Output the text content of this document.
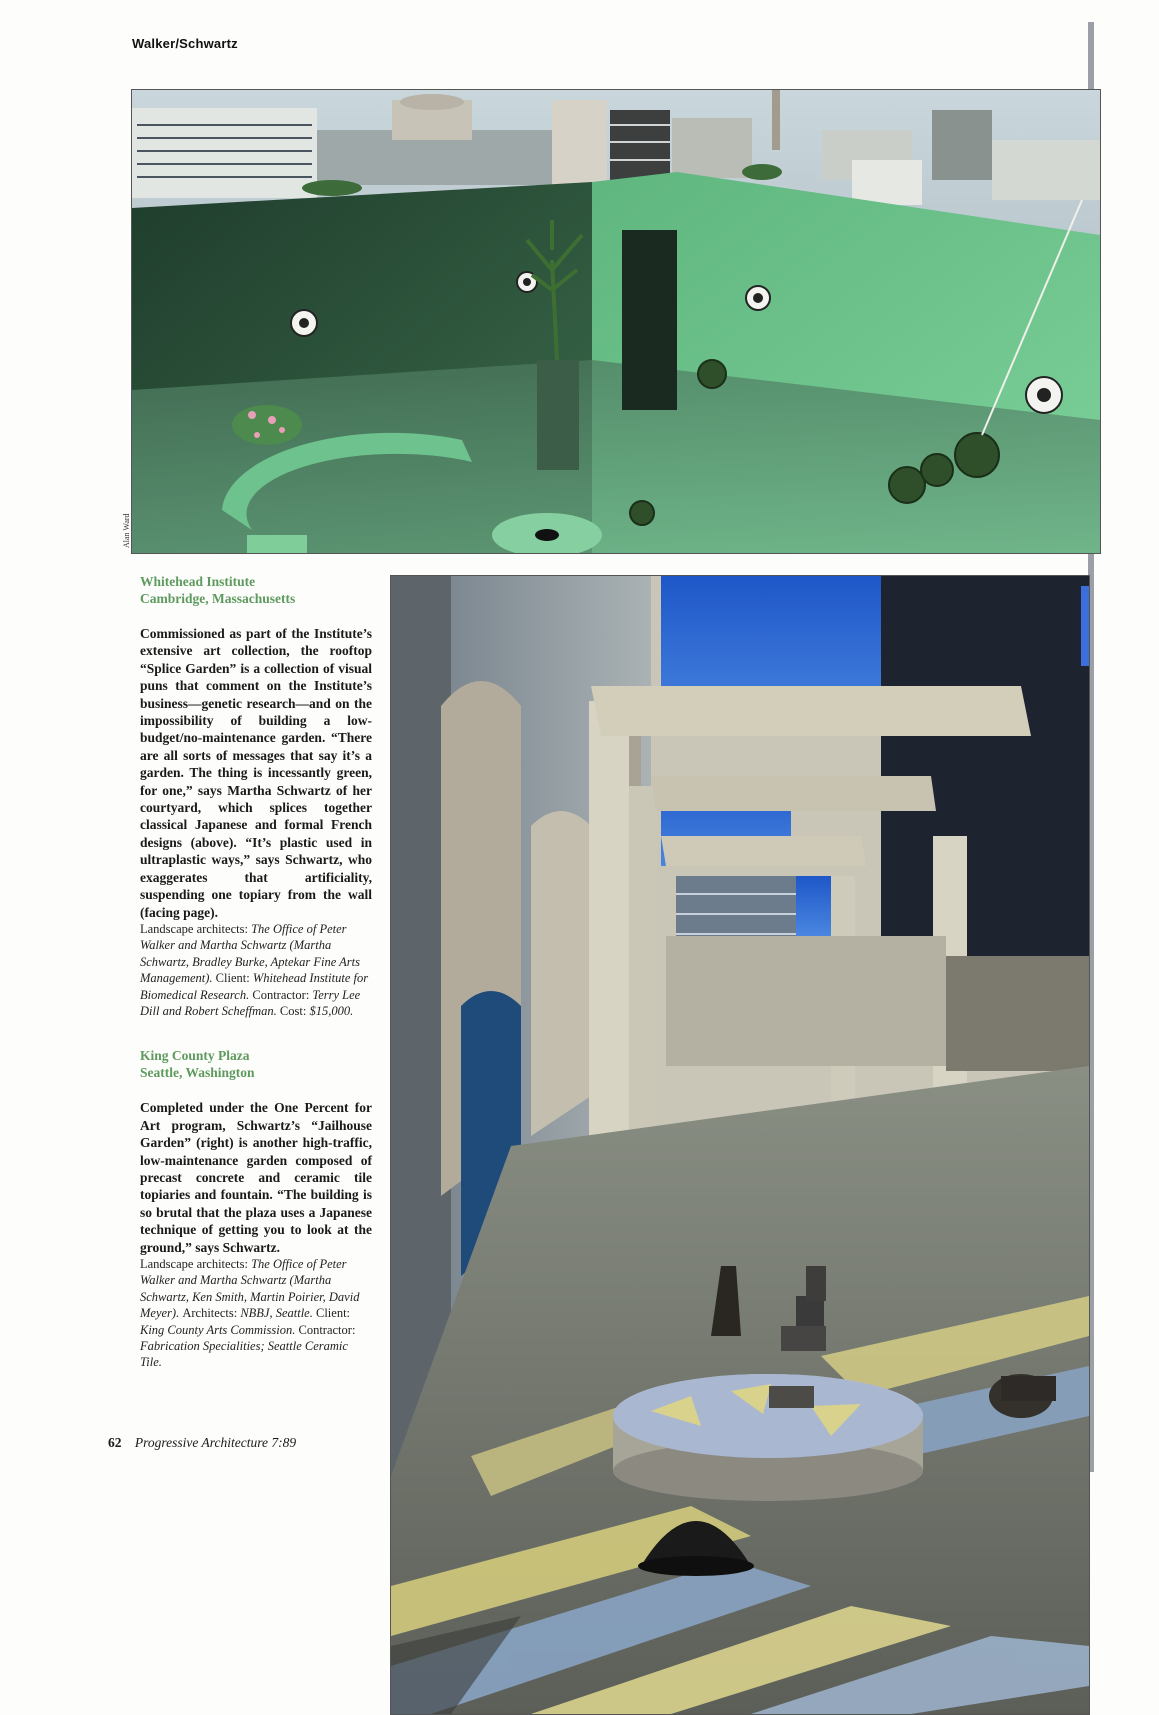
Walker/Schwartz
Alan Ward
Whitehead Institute
Cambridge, Massachusetts

Commissioned as part of the Institute’s extensive art collection, the rooftop “Splice Garden” is a collection of visual puns that comment on the Institute’s business—genetic research—and on the impossibility of building a low-budget/no-maintenance garden. “There are all sorts of messages that say it’s a garden. The thing is incessantly green, for one,” says Martha Schwartz of her courtyard, which splices together classical Japanese and formal French designs (above). “It’s plastic used in ultraplastic ways,” says Schwartz, who exaggerates that artificiality, suspending one topiary from the wall (facing page).

Landscape architects: The Office of Peter Walker and Martha Schwartz (Martha Schwartz, Bradley Burke, Aptekar Fine Arts Management). Client: Whitehead Institute for Biomedical Research. Contractor: Terry Lee Dill and Robert Scheffman. Cost: $15,000.

King County Plaza
Seattle, Washington

Completed under the One Percent for Art program, Schwartz’s “Jailhouse Garden” (right) is another high-traffic, low-maintenance garden composed of precast concrete and ceramic tile topiaries and fountain. “The building is so brutal that the plaza uses a Japanese technique of getting you to look at the ground,” says Schwartz.

Landscape architects: The Office of Peter Walker and Martha Schwartz (Martha Schwartz, Ken Smith, Martin Poirier, David Meyer). Architects: NBBJ, Seattle. Client: King County Arts Commission. Contractor: Fabrication Specialities; Seattle Ceramic Tile.

62 Progressive Architecture 7:89
